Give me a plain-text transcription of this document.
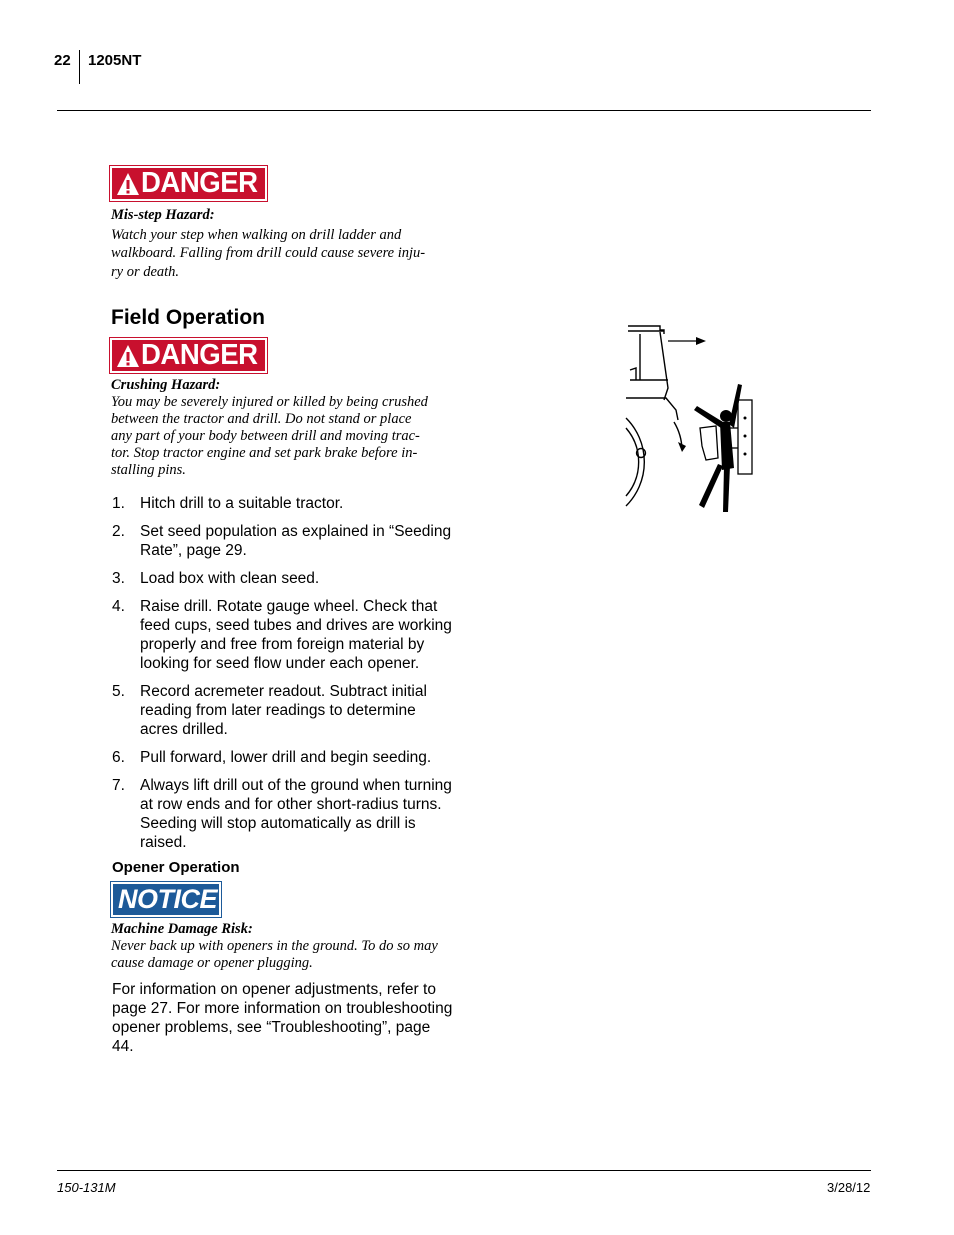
22 1205NT
DANGER
Mis-step Hazard:
Watch your step when walking on drill ladder and
walkboard. Falling from drill could cause severe inju-
ry or death.
Field Operation
DANGER
Crushing Hazard:
You may be severely injured or killed by being crushed
between the tractor and drill. Do not stand or place
any part of your body between drill and moving trac-
tor. Stop tractor engine and set park brake before in-
stalling pins.
1. Hitch drill to a suitable tractor.
2. Set seed population as explained in “Seeding
Rate”, page 29.
3. Load box with clean seed.
4. Raise drill. Rotate gauge wheel. Check that
feed cups, seed tubes and drives are working
properly and free from foreign material by
looking for seed flow under each opener.
5. Record acremeter readout. Subtract initial
reading from later readings to determine
acres drilled.
6. Pull forward, lower drill and begin seeding.
7. Always lift drill out of the ground when turning
at row ends and for other short-radius turns.
Seeding will stop automatically as drill is
raised.
Opener Operation
NOTICE
Machine Damage Risk:
Never back up with openers in the ground. To do so may
cause damage or opener plugging.
For information on opener adjustments, refer to
page 27. For more information on troubleshooting
opener problems, see “Troubleshooting”, page
44.
150-131M	3/28/12
